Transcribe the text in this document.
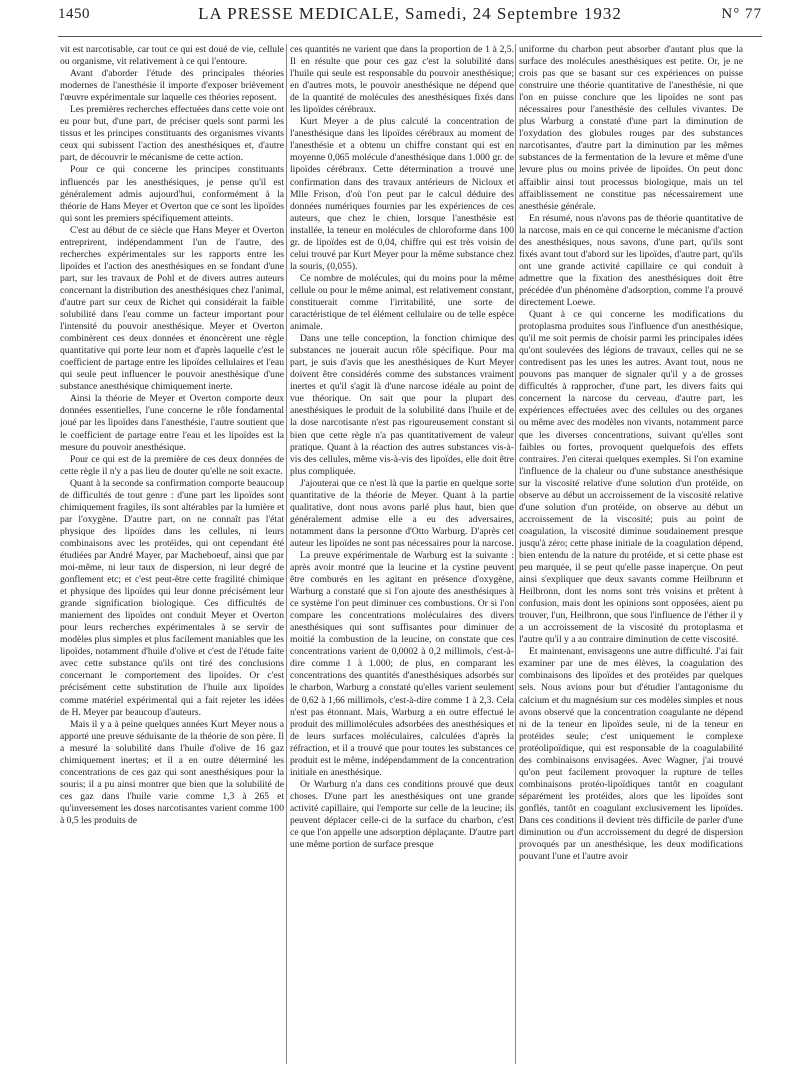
1450	LA PRESSE MEDICALE, Samedi, 24 Septembre 1932	N° 77

vit est narcotisable, car tout ce qui est doué de vie, cellule ou organisme, vit relativement à ce qui l'entoure.

Avant d'aborder l'étude des principales théories modernes de l'anesthésie il importe d'exposer brièvement l'œuvre expérimentale sur laquelle ces théories reposent.

Les premières recherches effectuées dans cette voie ont eu pour but, d'une part, de préciser quels sont parmi les tissus et les principes constituants des organismes vivants ceux qui subissent l'action des anesthésiques et, d'autre part, de découvrir le mécanisme de cette action.

Pour ce qui concerne les principes constituants influencés par les anesthésiques, je pense qu'il est généralement admis aujourd'hui, conformément à la théorie de Hans Meyer et Overton que ce sont les lipoïdes qui sont les premiers spécifiquement atteints.

C'est au début de ce siècle que Hans Meyer et Overton entreprirent, indépendamment l'un de l'autre, des recherches expérimentales sur les rapports entre les lipoïdes et l'action des anesthésiques en se fondant d'une part, sur les travaux de Pohl et de divers autres auteurs concernant la distribution des anesthésiques chez l'animal, d'autre part sur ceux de Richet qui considérait la faible solubilité dans l'eau comme un facteur important pour l'intensité du pouvoir anesthésique. Meyer et Overton combinèrent ces deux données et énoncèrent une règle quantitative qui porte leur nom et d'après laquelle c'est le coefficient de partage entre les lipoïdes cellulaires et l'eau qui seule peut influencer le pouvoir anesthésique d'une substance anesthésique chimiquement inerte.

Ainsi la théorie de Meyer et Overton comporte deux données essentielles, l'une concerne le rôle fondamental joué par les lipoïdes dans l'anesthésie, l'autre soutient que le coefficient de partage entre l'eau et les lipoïdes est la mesure du pouvoir anesthésique.

Pour ce qui est de la première de ces deux données de cette règle il n'y a pas lieu de douter qu'elle ne soit exacte.

Quant à la seconde sa confirmation comporte beaucoup de difficultés de tout genre : d'une part les lipoïdes sont chimiquement fragiles, ils sont altérables par la lumière et par l'oxygène. D'autre part, on ne connaît pas l'état physique des lipoïdes dans les cellules, ni leurs combinaisons avec les protéides, qui ont cependant été étudiées par André Mayer, par Macheboeuf, ainsi que par moi-même, ni leur taux de dispersion, ni leur degré de gonflement etc; et c'est peut-être cette fragilité chimique et physique des lipoïdes qui leur donne précisément leur grande signification biologique. Ces difficultés de maniement des lipoïdes ont conduit Meyer et Overton pour leurs recherches expérimentales à se servir de modèles plus simples et plus facilement maniables que les lipoïdes, notamment d'huile d'olive et c'est de l'étude faite avec cette substance qu'ils ont tiré des conclusions concernant le comportement des lipoïdes. Or c'est précisément cette substitution de l'huile aux lipoïdes comme matériel expérimental qui a fait rejeter les idées de H. Meyer par beaucoup d'auteurs.

Mais il y a à peine quelques années Kurt Meyer nous a apporté une preuve séduisante de la théorie de son père. Il a mesuré la solubilité dans l'huile d'olive de 16 gaz chimiquement inertes; et il a en outre déterminé les concentrations de ces gaz qui sont anesthésiques pour la souris; il a pu ainsi montrer que bien que la solubilité de ces gaz dans l'huile varie comme 1,3 à 265 et qu'inversement les doses narcotisantes varient comme 100 à 0,5 les produits de

ces quantités ne varient que dans la proportion de 1 à 2,5. Il en résulte que pour ces gaz c'est la solubilité dans l'huile qui seule est responsable du pouvoir anesthésique; en d'autres mots, le pouvoir anesthésique ne dépend que de la quantité de molécules des anesthésiques fixés dans les lipoïdes cérébraux.

Kurt Meyer a de plus calculé la concentration de l'anesthésique dans les lipoïdes cérébraux au moment de l'anesthésie et a obtenu un chiffre constant qui est en moyenne 0,065 molécule d'anesthésique dans 1.000 gr. de lipoïdes cérébraux. Cette détermination a trouvé une confirmation dans des travaux antérieurs de Nicloux et Mlle Frison, d'où l'on peut par le calcul déduire des données numériques fournies par les expériences de ces auteurs, que chez le chien, lorsque l'anesthésie est installée, la teneur en molécules de chloroforme dans 100 gr. de lipoïdes est de 0,04, chiffre qui est très voisin de celui trouvé par Kurt Meyer pour la même substance chez la souris, (0,055).

Ce nombre de molécules, qui du moins pour la même cellule ou pour le même animal, est relativement constant, constituerait comme l'irritabilité, une sorte de caractéristique de tel élément cellulaire ou de telle espèce animale.

Dans une telle conception, la fonction chimique des substances ne jouerait aucun rôle spécifique. Pour ma part, je suis d'avis que les anesthésiques de Kurt Meyer doivent être considérés comme des substances vraiment inertes et qu'il s'agit là d'une narcose idéale au point de vue théorique. On sait que pour la plupart des anesthésiques le produit de la solubilité dans l'huile et de la dose narcotisante n'est pas rigoureusement constant si bien que cette règle n'a pas quantitativement de valeur pratique. Quant à la réaction des autres substances vis-à-vis des cellules, même vis-à-vis des lipoïdes, elle doit être plus compliquée.

J'ajouterai que ce n'est là que la partie en quelque sorte quantitative de la théorie de Meyer. Quant à la partie qualitative, dont nous avons parlé plus haut, bien que généralement admise elle a eu des adversaires, notamment dans la personne d'Otto Warburg. D'après cet auteur les lipoïdes ne sont pas nécessaires pour la narcose.

La preuve expérimentale de Warburg est la suivante : après avoir montré que la leucine et la cystine peuvent être comburés en les agitant en présence d'oxygène, Warburg a constaté que si l'on ajoute des anesthésiques à ce système l'on peut diminuer ces combustions. Or si l'on compare les concentrations moléculaires des divers anesthésiques qui sont suffisantes pour diminuer de moitié la combustion de la leucine, on constate que ces concentrations varient de 0,0002 à 0,2 millimols, c'est-à-dire comme 1 à 1.000; de plus, en comparant les concentrations des quantités d'anesthésiques adsorbés sur le charbon, Warburg a constaté qu'elles varient seulement de 0,62 à 1,66 millimols, c'est-à-dire comme 1 à 2,3. Cela n'est pas étonnant. Mais, Warburg a en outre effectué le produit des millimolécules adsorbées des anesthésiques et de leurs surfaces moléculaires, calculées d'après la réfraction, et il a trouvé que pour toutes les substances ce produit est le même, indépendamment de la concentration initiale en anesthésique.

Or Warburg n'a dans ces conditions prouvé que deux choses. D'une part les anesthésiques ont une grande activité capillaire, qui l'emporte sur celle de la leucine; ils peuvent déplacer celle-ci de la surface du charbon, c'est ce que l'on appelle une adsorption déplaçante. D'autre part une même portion de surface presque

uniforme du charbon peut absorber d'autant plus que la surface des molécules anesthésiques est petite. Or, je ne crois pas que se basant sur ces expériences on puisse construire une théorie quantitative de l'anesthésie, ni que l'on en puisse conclure que les lipoïdes ne sont pas nécessaires pour l'anesthésie des cellules vivantes. De plus Warburg a constaté d'une part la diminution de l'oxydation des globules rouges par des substances narcotisantes, d'autre part la diminution par les mêmes substances de la fermentation de la levure et même d'une levure plus ou moins privée de lipoïdes. On peut donc affaiblir ainsi tout processus biologique, mais un tel affaiblissement ne constitue pas nécessairement une anesthésie générale.

En résumé, nous n'avons pas de théorie quantitative de la narcose, mais en ce qui concerne le mécanisme d'action des anesthésiques, nous savons, d'une part, qu'ils sont fixés avant tout d'abord sur les lipoïdes, d'autre part, qu'ils ont une grande activité capillaire ce qui conduit à admettre que la fixation des anesthésiques doit être précédée d'un phénomène d'adsorption, comme l'a prouvé directement Loewe.

Quant à ce qui concerne les modifications du protoplasma produites sous l'influence d'un anesthésique, qu'il me soit permis de choisir parmi les principales idées qu'ont soulevées des légions de travaux, celles qui ne se contredisent pas les unes les autres. Avant tout, nous ne pouvons pas manquer de signaler qu'il y a de grosses difficultés à rapprocher, d'une part, les divers faits qui concernent la narcose du cerveau, d'autre part, les expériences effectuées avec des cellules ou des organes ou même avec des modèles non vivants, notamment parce que les diverses concentrations, suivant qu'elles sont faibles ou fortes, provoquent quelquefois des effets contraires. J'en citerai quelques exemples. Si l'on examine l'influence de la chaleur ou d'une substance anesthésique sur la viscosité relative d'une solution d'un protéide, on observe au début un accroissement de la viscosité relative d'une solution d'un protéide, on observe au début un accroissement de la viscosité; puis au point de coagulation, la viscosité diminue soudainement presque jusqu'à zéro; cette phase initiale de la coagulation dépend, bien entendu de la nature du protéide, et si cette phase est peu marquée, il se peut qu'elle passe inaperçue. On peut ainsi s'expliquer que deux savants comme Heilbrunn et Heilbronn, dont les noms sont très voisins et prêtent à confusion, mais dont les opinions sont opposées, aient pu trouver, l'un, Heilbronn, que sous l'influence de l'éther il y a un accroissement de la viscosité du protoplasma et l'autre qu'il y a au contraire diminution de cette viscosité.

Et maintenant, envisageons une autre difficulté. J'ai fait examiner par une de mes élèves, la coagulation des combinaisons des lipoïdes et des protéides par quelques sels. Nous avions pour but d'étudier l'antagonisme du calcium et du magnésium sur ces modèles simples et nous avons observé que la concentration coagulante ne dépend ni de la teneur en lipoïdes seule, ni de la teneur en protéides seule; c'est uniquement le complexe protéolipoïdique, qui est responsable de la coagulabilité des combinaisons envisagées. Avec Wagner, j'ai trouvé qu'on peut facilement provoquer la rupture de telles combinaisons protéo-lipoïdiques tantôt en coagulant séparément les protéides, alors que les lipoïdes sont gonflés, tantôt en coagulant exclusivement les lipoïdes. Dans ces conditions il devient très difficile de parler d'une diminution ou d'un accroissement du degré de dispersion provoqués par un anesthésique, les deux modifications pouvant l'une et l'autre avoir
